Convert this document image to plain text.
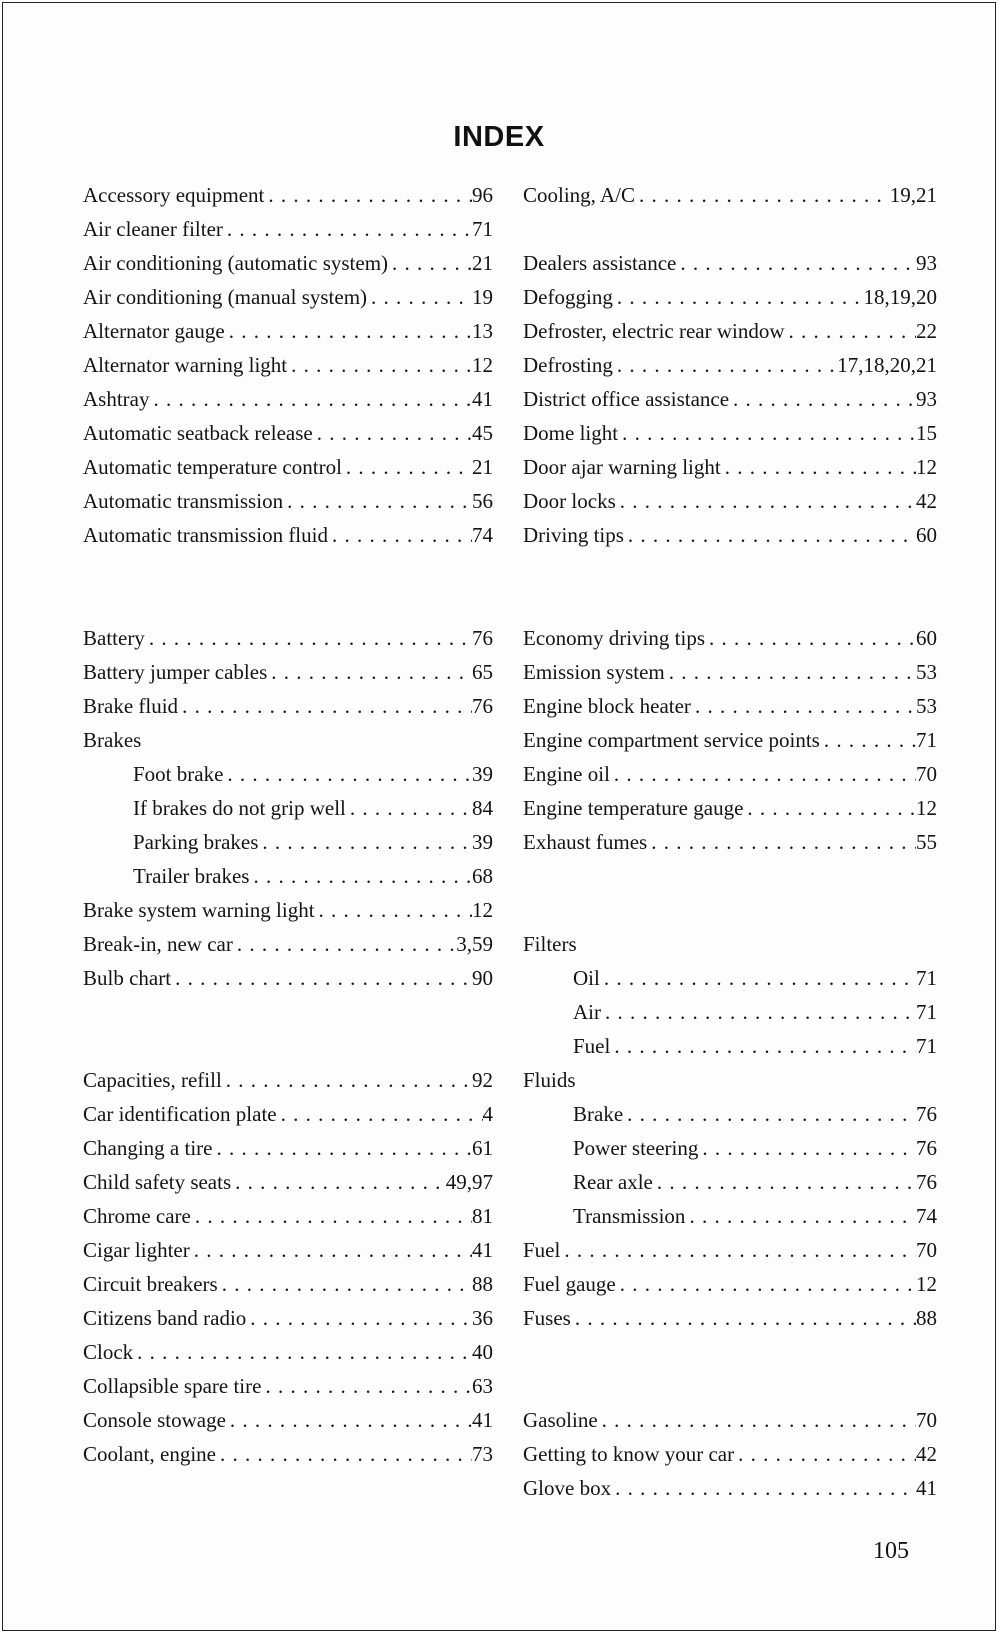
INDEX
Accessory equipment . . .	96
Air cleaner filter . . .	71
Air conditioning (automatic system) . . .	21
Air conditioning (manual system) . . .	19
Alternator gauge . . .	13
Alternator warning light . . .	12
Ashtray . . .	41
Automatic seatback release . . .	45
Automatic temperature control . . .	21
Automatic transmission . . .	56
Automatic transmission fluid . . .	74
Battery . . .	76
Battery jumper cables . . .	65
Brake fluid . . .	76
Brakes
Foot brake . . .	39
If brakes do not grip well . . .	84
Parking brakes . . .	39
Trailer brakes . . .	68
Brake system warning light . . .	12
Break-in, new car . . .	3,59
Bulb chart . . .	90
Capacities, refill . . .	92
Car identification plate . . .	4
Changing a tire . . .	61
Child safety seats . . .	49,97
Chrome care . . .	81
Cigar lighter . . .	41
Circuit breakers . . .	88
Citizens band radio . . .	36
Clock . . .	40
Collapsible spare tire . . .	63
Console stowage . . .	41
Coolant, engine . . .	73
Cooling, A/C . . .	19,21
Dealers assistance . . .	93
Defogging . . .	18,19,20
Defroster, electric rear window . . .	22
Defrosting . . .	17,18,20,21
District office assistance . . .	93
Dome light . . .	15
Door ajar warning light . . .	12
Door locks . . .	42
Driving tips . . .	60
Economy driving tips . . .	60
Emission system . . .	53
Engine block heater . . .	53
Engine compartment service points . . .	71
Engine oil . . .	70
Engine temperature gauge . . .	12
Exhaust fumes . . .	55
Filters
Oil . . .	71
Air . . .	71
Fuel . . .	71
Fluids
Brake . . .	76
Power steering . . .	76
Rear axle . . .	76
Transmission . . .	74
Fuel . . .	70
Fuel gauge . . .	12
Fuses . . .	88
Gasoline . . .	70
Getting to know your car . . .	42
Glove box . . .	41
105
